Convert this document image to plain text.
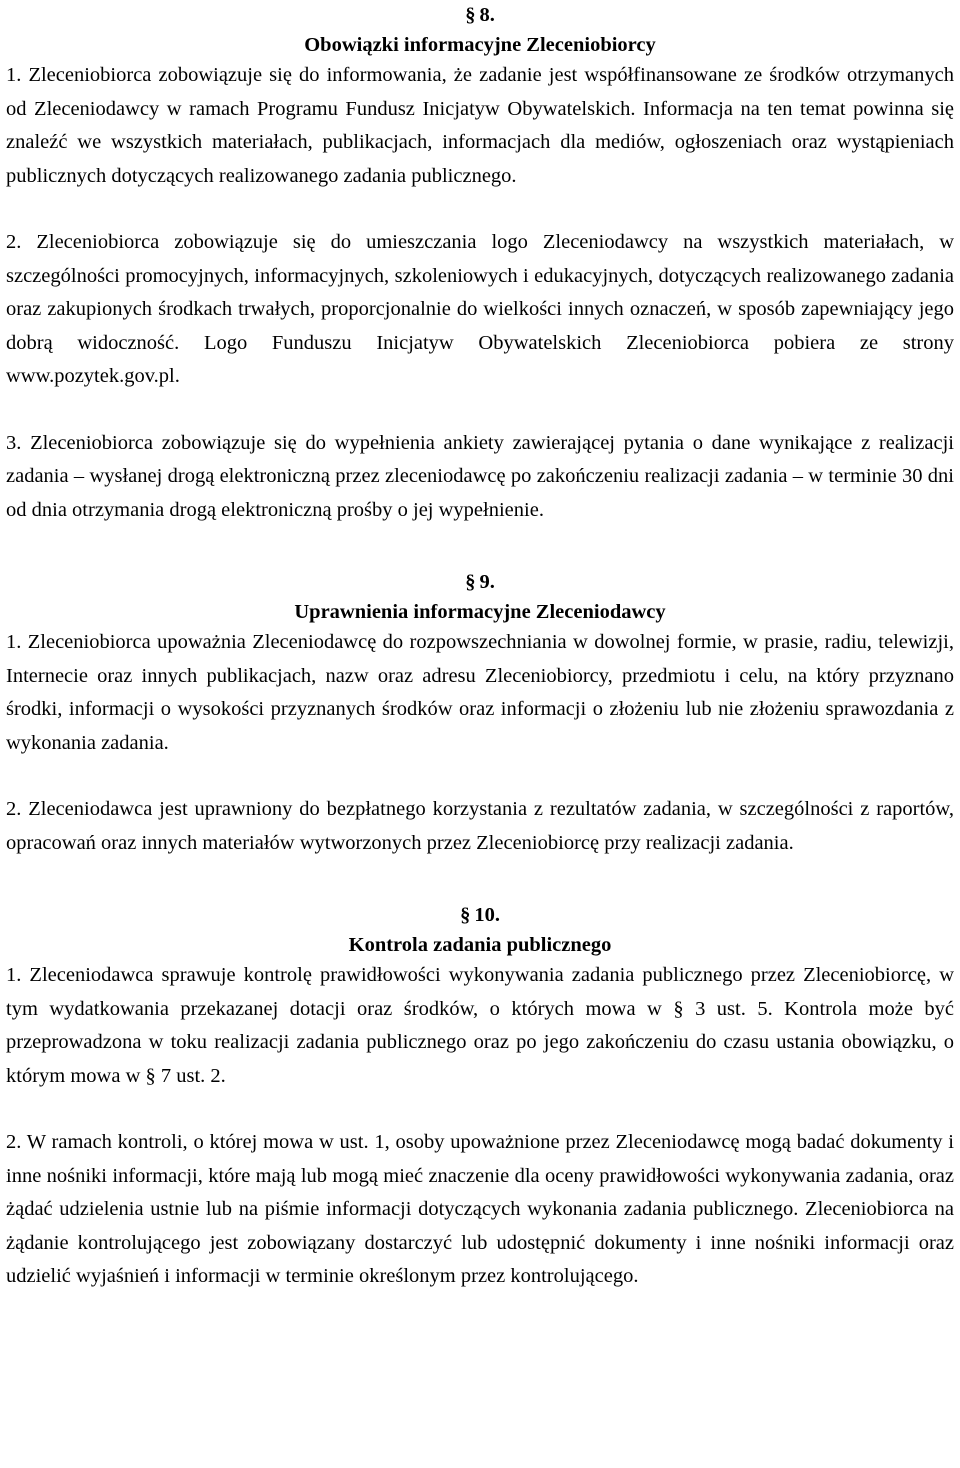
§ 8.

Obowiązki informacyjne Zleceniobiorcy

1. Zleceniobiorca zobowiązuje się do informowania, że zadanie jest współfinansowane ze środków otrzymanych od Zleceniodawcy w ramach Programu Fundusz Inicjatyw Obywatelskich. Informacja na ten temat powinna się znaleźć we wszystkich materiałach, publikacjach, informacjach dla mediów, ogłoszeniach oraz wystąpieniach publicznych dotyczących realizowanego zadania publicznego.

2. Zleceniobiorca zobowiązuje się do umieszczania logo Zleceniodawcy na wszystkich materiałach, w szczególności promocyjnych, informacyjnych, szkoleniowych i edukacyjnych, dotyczących realizowanego zadania oraz zakupionych środkach trwałych, proporcjonalnie do wielkości innych oznaczeń, w sposób zapewniający jego dobrą widoczność. Logo Funduszu Inicjatyw Obywatelskich Zleceniobiorca pobiera ze strony www.pozytek.gov.pl.

3. Zleceniobiorca zobowiązuje się do wypełnienia ankiety zawierającej pytania o dane wynikające z realizacji zadania – wysłanej drogą elektroniczną przez zleceniodawcę po zakończeniu realizacji zadania – w terminie 30 dni od dnia otrzymania drogą elektroniczną prośby o jej wypełnienie.

§ 9.

Uprawnienia informacyjne Zleceniodawcy

1. Zleceniobiorca upoważnia Zleceniodawcę do rozpowszechniania w dowolnej formie, w prasie, radiu, telewizji, Internecie oraz innych publikacjach, nazw oraz adresu Zleceniobiorcy, przedmiotu i celu, na który przyznano środki, informacji o wysokości przyznanych środków oraz informacji o złożeniu lub nie złożeniu sprawozdania z wykonania zadania.

2. Zleceniodawca jest uprawniony do bezpłatnego korzystania z rezultatów zadania, w szczególności z raportów, opracowań oraz innych materiałów wytworzonych przez Zleceniobiorcę przy realizacji zadania.

§ 10.

Kontrola zadania publicznego

1. Zleceniodawca sprawuje kontrolę prawidłowości wykonywania zadania publicznego przez Zleceniobiorcę, w tym wydatkowania przekazanej dotacji oraz środków, o których mowa w § 3 ust. 5. Kontrola może być przeprowadzona w toku realizacji zadania publicznego oraz po jego zakończeniu do czasu ustania obowiązku, o którym mowa w § 7 ust. 2.

2. W ramach kontroli, o której mowa w ust. 1, osoby upoważnione przez Zleceniodawcę mogą badać dokumenty i inne nośniki informacji, które mają lub mogą mieć znaczenie dla oceny prawidłowości wykonywania zadania, oraz żądać udzielenia ustnie lub na piśmie informacji dotyczących wykonania zadania publicznego. Zleceniobiorca na żądanie kontrolującego jest zobowiązany dostarczyć lub udostępnić dokumenty i inne nośniki informacji oraz udzielić wyjaśnień i informacji w terminie określonym przez kontrolującego.
